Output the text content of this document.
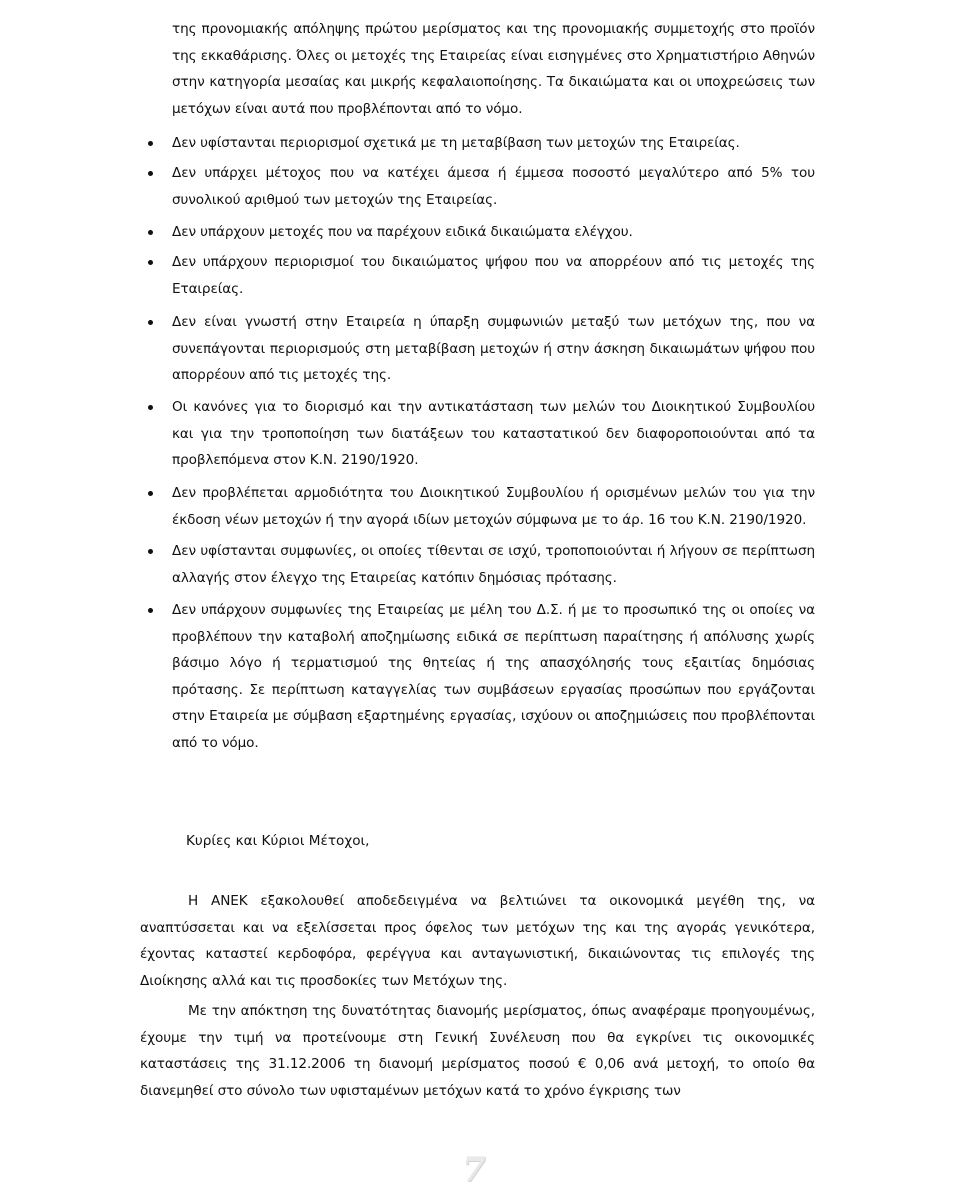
της προνομιακής απόληψης πρώτου μερίσματος και της προνομιακής συμμετοχής στο προϊόν της εκκαθάρισης. Όλες οι μετοχές της Εταιρείας είναι εισηγμένες στο Χρηματιστήριο Αθηνών στην κατηγορία μεσαίας και μικρής κεφαλαιοποίησης. Τα δικαιώματα και οι υποχρεώσεις των μετόχων είναι αυτά που προβλέπονται από το νόμο.

Δεν υφίστανται περιορισμοί σχετικά με τη μεταβίβαση των μετοχών της Εταιρείας.

Δεν υπάρχει μέτοχος που να κατέχει άμεσα ή έμμεσα ποσοστό μεγαλύτερο από 5% του συνολικού αριθμού των μετοχών της Εταιρείας.

Δεν υπάρχουν μετοχές που να παρέχουν ειδικά δικαιώματα ελέγχου.

Δεν υπάρχουν περιορισμοί του δικαιώματος ψήφου που να απορρέουν από τις μετοχές της Εταιρείας.

Δεν είναι γνωστή στην Εταιρεία η ύπαρξη συμφωνιών μεταξύ των μετόχων της, που να συνεπάγονται περιορισμούς στη μεταβίβαση μετοχών ή στην άσκηση δικαιωμάτων ψήφου που απορρέουν από τις μετοχές της.

Οι κανόνες για το διορισμό και την αντικατάσταση των μελών του Διοικητικού Συμβουλίου και για την τροποποίηση των διατάξεων του καταστατικού δεν διαφοροποιούνται από τα προβλεπόμενα στον Κ.Ν. 2190/1920.

Δεν προβλέπεται αρμοδιότητα του Διοικητικού Συμβουλίου ή ορισμένων μελών του για την έκδοση νέων μετοχών ή την αγορά ιδίων μετοχών σύμφωνα με το άρ. 16 του Κ.Ν. 2190/1920.

Δεν υφίστανται συμφωνίες, οι οποίες τίθενται σε ισχύ, τροποποιούνται ή λήγουν σε περίπτωση αλλαγής στον έλεγχο της Εταιρείας κατόπιν δημόσιας πρότασης.

Δεν υπάρχουν συμφωνίες της Εταιρείας με μέλη του Δ.Σ. ή με το προσωπικό της οι οποίες να προβλέπουν την καταβολή αποζημίωσης ειδικά σε περίπτωση παραίτησης ή απόλυσης χωρίς βάσιμο λόγο ή τερματισμού της θητείας ή της απασχόλησής τους εξαιτίας δημόσιας πρότασης. Σε περίπτωση καταγγελίας των συμβάσεων εργασίας προσώπων που εργάζονται στην Εταιρεία με σύμβαση εξαρτημένης εργασίας, ισχύουν οι αποζημιώσεις που προβλέπονται από το νόμο.

Κυρίες και Κύριοι Μέτοχοι,

Η ΑΝΕΚ εξακολουθεί αποδεδειγμένα να βελτιώνει τα οικονομικά μεγέθη της, να αναπτύσσεται και να εξελίσσεται προς όφελος των μετόχων της και της αγοράς γενικότερα, έχοντας καταστεί κερδοφόρα, φερέγγυα και ανταγωνιστική, δικαιώνοντας τις επιλογές της Διοίκησης αλλά και τις προσδοκίες των Μετόχων της.

Με την απόκτηση της δυνατότητας διανομής μερίσματος, όπως αναφέραμε προηγουμένως, έχουμε την τιμή να προτείνουμε στη Γενική Συνέλευση που θα εγκρίνει τις οικονομικές καταστάσεις της 31.12.2006 τη διανομή μερίσματος ποσού € 0,06 ανά μετοχή, το οποίο θα διανεμηθεί στο σύνολο των υφισταμένων μετόχων κατά το χρόνο έγκρισης των

7
